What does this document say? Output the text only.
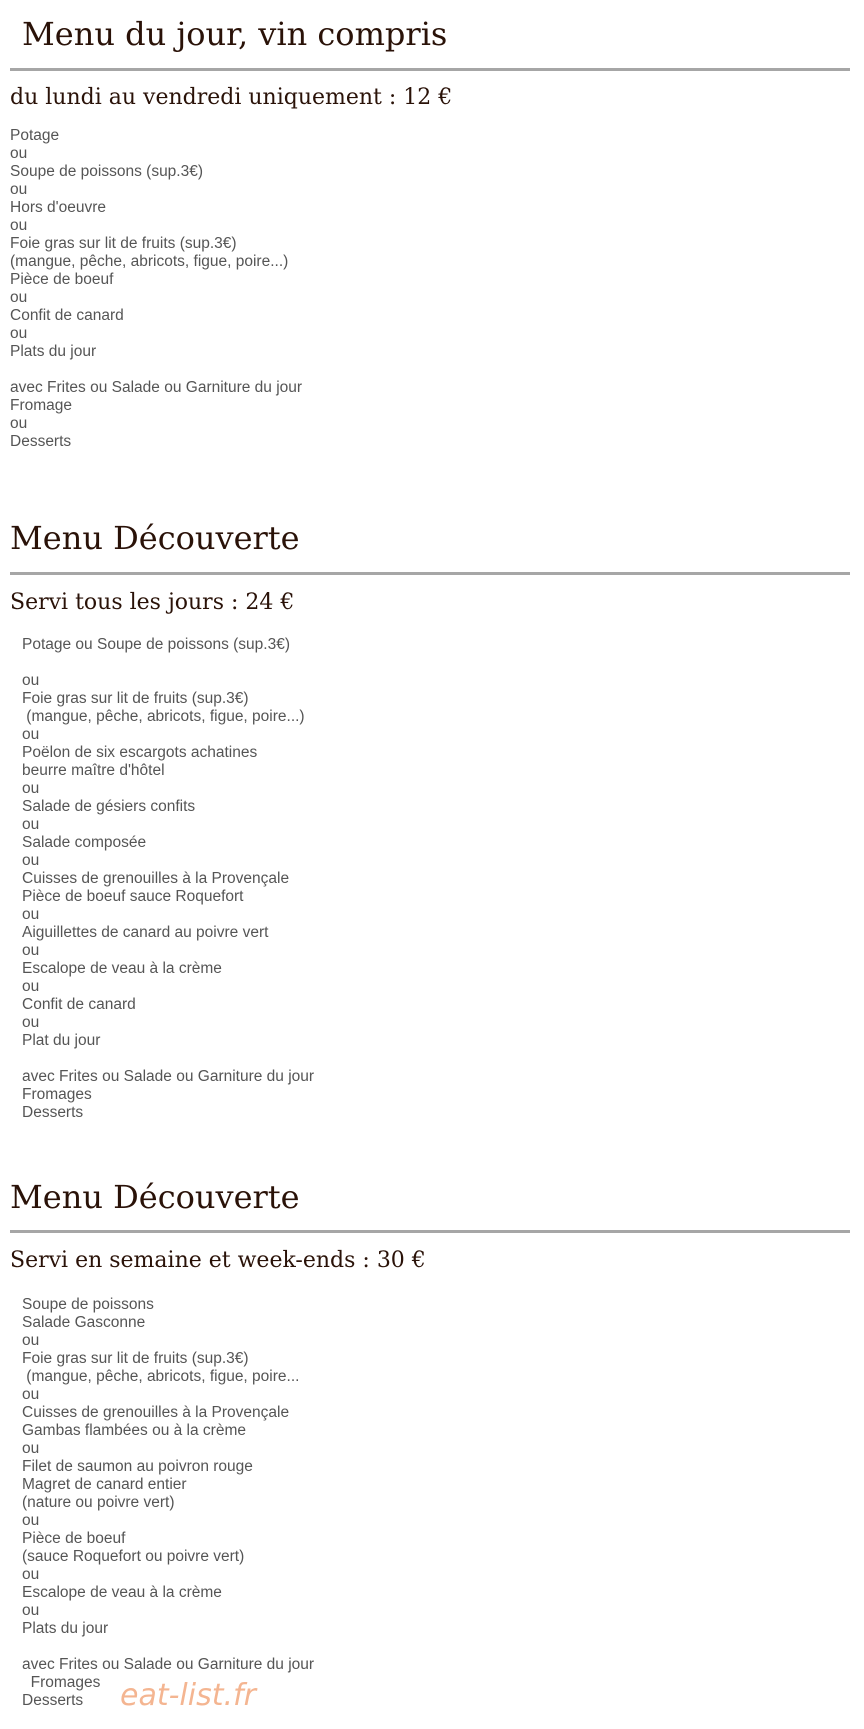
Menu du jour, vin compris
du lundi au vendredi uniquement : 12 €
Potage
ou
Soupe de poissons (sup.3€)
ou
Hors d'oeuvre
ou
Foie gras sur lit de fruits (sup.3€)
(mangue, pêche, abricots, figue, poire...)
Pièce de boeuf
ou
Confit de canard
ou
Plats du jour
avec Frites ou Salade ou Garniture du jour
Fromage
ou
Desserts
Menu Découverte
Servi tous les jours : 24 €
Potage ou Soupe de poissons (sup.3€)
ou
Foie gras sur lit de fruits (sup.3€)
(mangue, pêche, abricots, figue, poire...)
ou
Poëlon de six escargots achatines
beurre maître d'hôtel
ou
Salade de gésiers confits
ou
Salade composée
ou
Cuisses de grenouilles à la Provençale
Pièce de boeuf sauce Roquefort
ou
Aiguillettes de canard au poivre vert
ou
Escalope de veau à la crème
ou
Confit de canard
ou
Plat du jour
avec Frites ou Salade ou Garniture du jour
Fromages
Desserts
Menu Découverte
Servi en semaine et week-ends : 30 €
Soupe de poissons
Salade Gasconne
ou
Foie gras sur lit de fruits (sup.3€)
(mangue, pêche, abricots, figue, poire...
ou
Cuisses de grenouilles à la Provençale
Gambas flambées ou à la crème
ou
Filet de saumon au poivron rouge
Magret de canard entier
(nature ou poivre vert)
ou
Pièce de boeuf
(sauce Roquefort ou poivre vert)
ou
Escalope de veau à la crème
ou
Plats du jour
avec Frites ou Salade ou Garniture du jour
Fromages
Desserts	eat-list.fr
